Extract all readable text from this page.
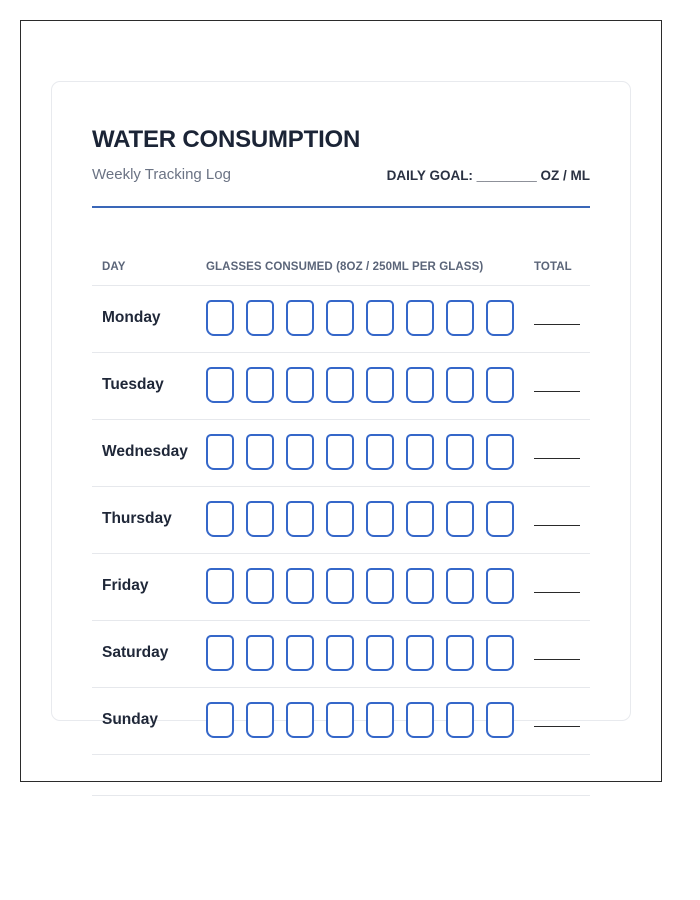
WATER CONSUMPTION
Weekly Tracking Log	DAILY GOAL: ________ OZ / ML
DAY	GLASSES CONSUMED (8OZ / 250ML PER GLASS)	TOTAL
Monday
Tuesday
Wednesday
Thursday
Friday
Saturday
Sunday
